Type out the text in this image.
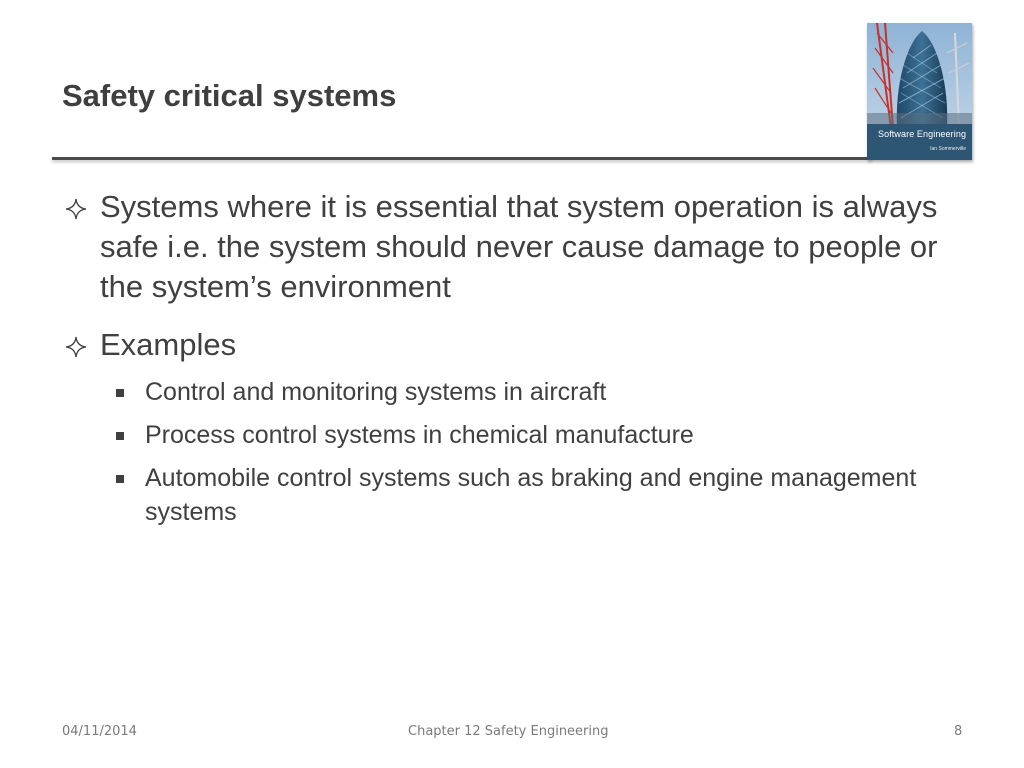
Safety critical systems
Software Engineering
Ian Sommerville
Systems where it is essential that system operation is always safe i.e. the system should never cause damage to people or the system’s environment
Examples
Control and monitoring systems in aircraft
Process control systems in chemical manufacture
Automobile control systems such as braking and engine management systems
04/11/2014	Chapter 12 Safety Engineering	8
